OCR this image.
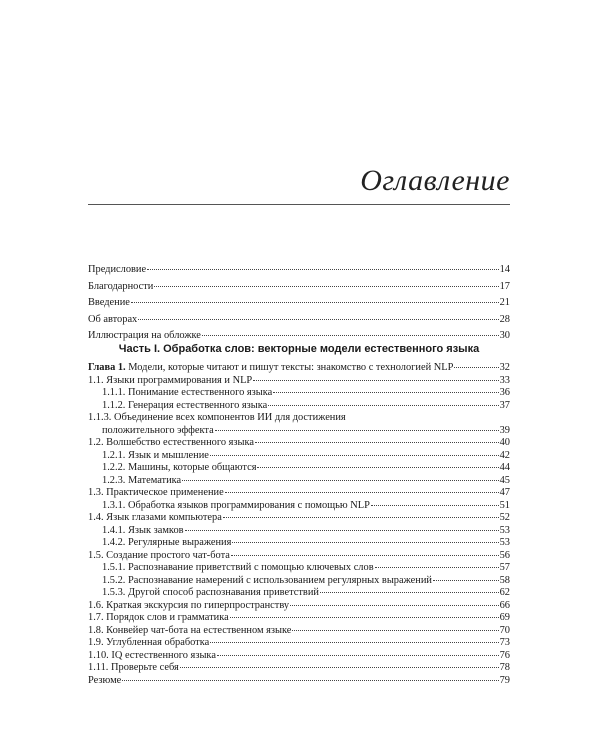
Оглавление
Предисловие	14
Благодарности	17
Введение	21
Об авторах	28
Иллюстрация на обложке	30
Часть I. Обработка слов: векторные модели естественного языка
Глава 1. Модели, которые читают и пишут тексты: знакомство с технологией NLP	32
1.1. Языки программирования и NLP	33
1.1.1. Понимание естественного языка	36
1.1.2. Генерация естественного языка	37
1.1.3. Объединение всех компонентов ИИ для достижения
положительного эффекта	39
1.2. Волшебство естественного языка	40
1.2.1. Язык и мышление	42
1.2.2. Машины, которые общаются	44
1.2.3. Математика	45
1.3. Практическое применение	47
1.3.1. Обработка языков программирования с помощью NLP	51
1.4. Язык глазами компьютера	52
1.4.1. Язык замков	53
1.4.2. Регулярные выражения	53
1.5. Создание простого чат-бота	56
1.5.1. Распознавание приветствий с помощью ключевых слов	57
1.5.2. Распознавание намерений с использованием регулярных выражений	58
1.5.3. Другой способ распознавания приветствий	62
1.6. Краткая экскурсия по гиперпространству	66
1.7. Порядок слов и грамматика	69
1.8. Конвейер чат-бота на естественном языке	70
1.9. Углубленная обработка	73
1.10. IQ естественного языка	76
1.11. Проверьте себя	78
Резюме	79
